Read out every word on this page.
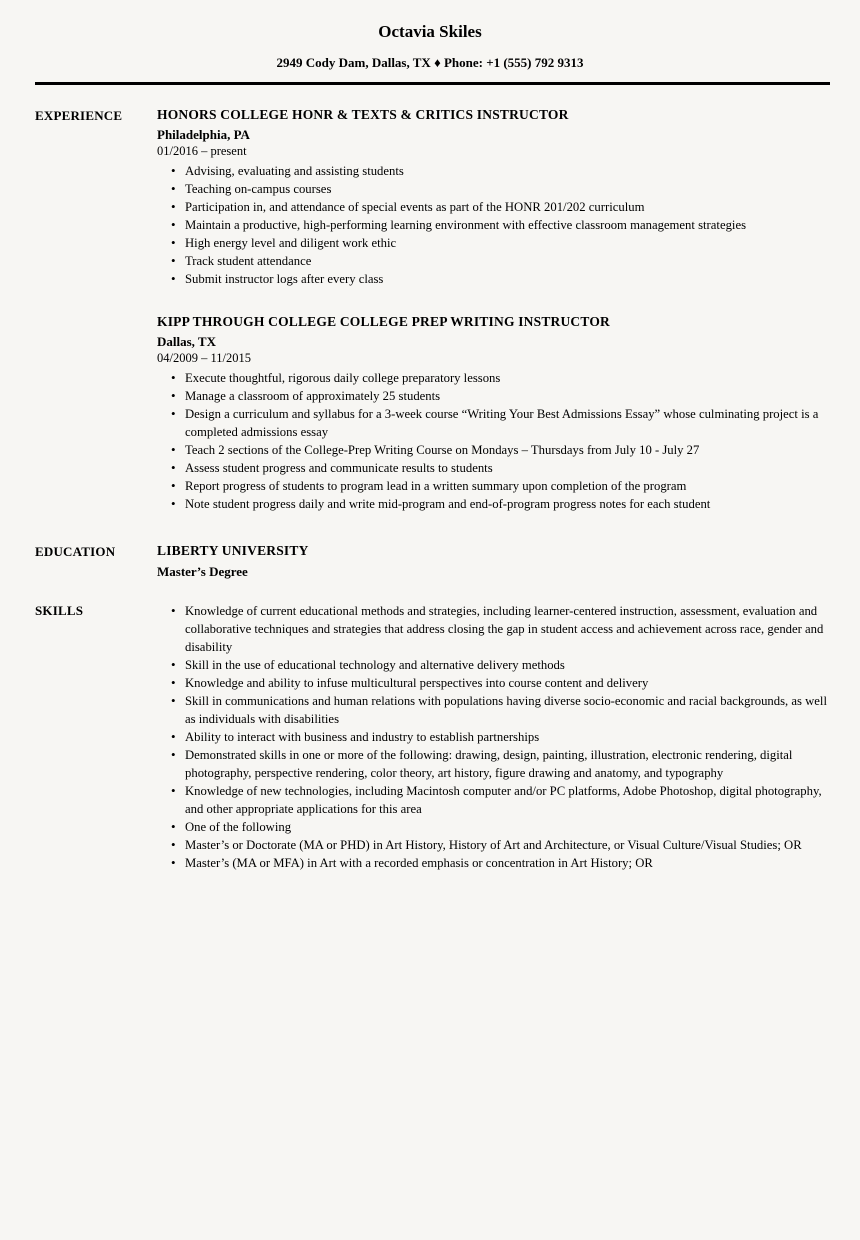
Octavia Skiles
2949 Cody Dam, Dallas, TX ♦ Phone: +1 (555) 792 9313
EXPERIENCE	HONORS COLLEGE HONR & TEXTS & CRITICS INSTRUCTOR
Philadelphia, PA
01/2016 – present
• Advising, evaluating and assisting students
• Teaching on-campus courses
• Participation in, and attendance of special events as part of the HONR 201/202 curriculum
• Maintain a productive, high-performing learning environment with effective classroom management strategies
• High energy level and diligent work ethic
• Track student attendance
• Submit instructor logs after every class
KIPP THROUGH COLLEGE COLLEGE PREP WRITING INSTRUCTOR
Dallas, TX
04/2009 – 11/2015
• Execute thoughtful, rigorous daily college preparatory lessons
• Manage a classroom of approximately 25 students
• Design a curriculum and syllabus for a 3-week course “Writing Your Best Admissions Essay” whose culminating project is a completed admissions essay
• Teach 2 sections of the College-Prep Writing Course on Mondays – Thursdays from July 10 - July 27
• Assess student progress and communicate results to students
• Report progress of students to program lead in a written summary upon completion of the program
• Note student progress daily and write mid-program and end-of-program progress notes for each student
EDUCATION	LIBERTY UNIVERSITY
Master’s Degree
SKILLS	• Knowledge of current educational methods and strategies, including learner-centered instruction, assessment, evaluation and collaborative techniques and strategies that address closing the gap in student access and achievement across race, gender and disability
• Skill in the use of educational technology and alternative delivery methods
• Knowledge and ability to infuse multicultural perspectives into course content and delivery
• Skill in communications and human relations with populations having diverse socio-economic and racial backgrounds, as well as individuals with disabilities
• Ability to interact with business and industry to establish partnerships
• Demonstrated skills in one or more of the following: drawing, design, painting, illustration, electronic rendering, digital photography, perspective rendering, color theory, art history, figure drawing and anatomy, and typography
• Knowledge of new technologies, including Macintosh computer and/or PC platforms, Adobe Photoshop, digital photography, and other appropriate applications for this area
• One of the following
• Master’s or Doctorate (MA or PHD) in Art History, History of Art and Architecture, or Visual Culture/Visual Studies; OR
• Master’s (MA or MFA) in Art with a recorded emphasis or concentration in Art History; OR
